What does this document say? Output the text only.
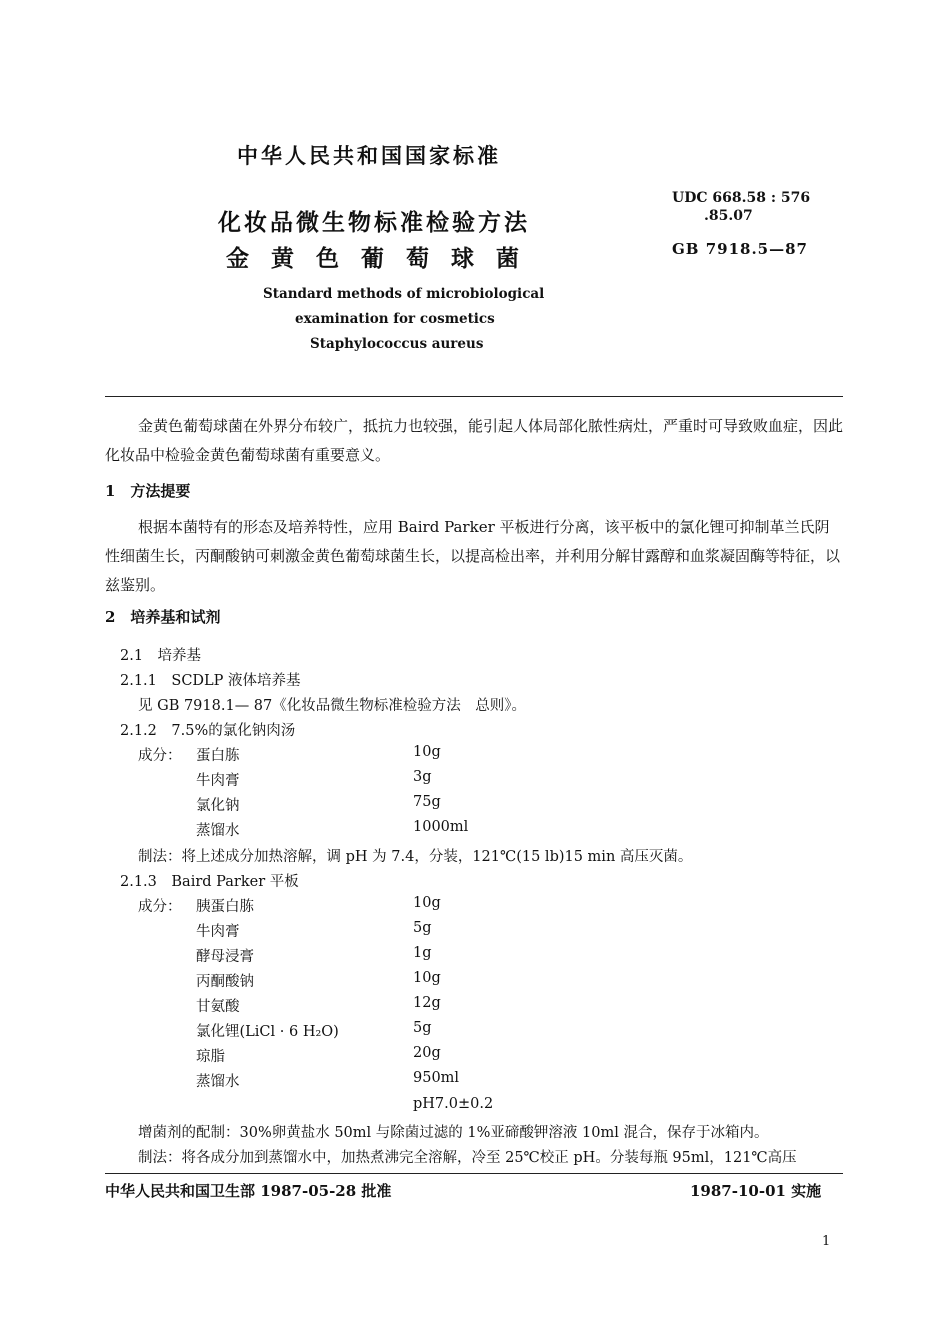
中华人民共和国国家标准
化妆品微生物标准检验方法
金 黄 色 葡 萄 球 菌
UDC 668.58 : 576
.85.07
GB 7918.5—87
Standard methods of microbiological
examination for cosmetics
Staphylococcus aureus
金黄色葡萄球菌在外界分布较广，抵抗力也较强，能引起人体局部化脓性病灶，严重时可导致败血症，因此化妆品中检验金黄色葡萄球菌有重要意义。
1　方法提要
根据本菌特有的形态及培养特性，应用 Baird Parker 平板进行分离，该平板中的氯化锂可抑制革兰氏阴性细菌生长，丙酮酸钠可刺激金黄色葡萄球菌生长，以提高检出率，并利用分解甘露醇和血浆凝固酶等特征，以兹鉴别。
2　培养基和试剂
2.1　培养基
2.1.1　SCDLP 液体培养基
见 GB 7918.1— 87《化妆品微生物标准检验方法　总则》。
2.1.2　7.5%的氯化钠肉汤
成分： 蛋白胨	10g
牛肉膏	3g
氯化钠	75g
蒸馏水	1000ml
制法：将上述成分加热溶解，调 pH 为 7.4，分装，121℃(15 lb)15 min 高压灭菌。
2.1.3　Baird Parker 平板
成分： 胰蛋白胨	10g
牛肉膏	5g
酵母浸膏	1g
丙酮酸钠	10g
甘氨酸	12g
氯化锂(LiCl · 6 H₂O)	5g
琼脂	20g
蒸馏水	950ml
pH7.0±0.2
增菌剂的配制：30%卵黄盐水 50ml 与除菌过滤的 1%亚碲酸钾溶液 10ml 混合，保存于冰箱内。
制法：将各成分加到蒸馏水中，加热煮沸完全溶解，冷至 25℃校正 pH。分装每瓶 95ml，121℃高压
中华人民共和国卫生部 1987-05-28 批准	1987-10-01 实施
1
